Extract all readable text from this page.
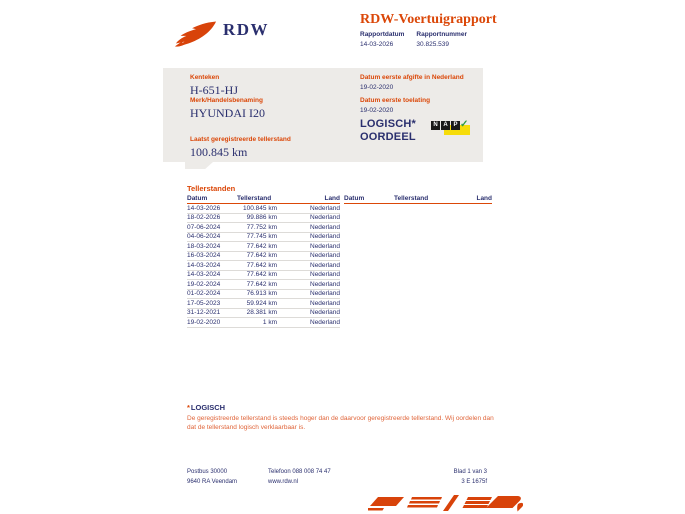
RDW
RDW-Voertuigrapport
Rapportdatum
14-03-2026
Rapportnummer
30.825.539
Kenteken
H-651-HJ
Merk/Handelsbenaming
HYUNDAI I20
Laatst geregistreerde tellerstand
100.845 km
Datum eerste afgifte in Nederland
19-02-2020
Datum eerste toelating
19-02-2020
LOGISCH*
OORDEEL
N A P ✓
Tellerstanden
Datum	Tellerstand	Land
14-03-2026	100.845 km	Nederland
18-02-2026	99.886 km	Nederland
07-06-2024	77.752 km	Nederland
04-06-2024	77.745 km	Nederland
18-03-2024	77.642 km	Nederland
16-03-2024	77.642 km	Nederland
14-03-2024	77.642 km	Nederland
14-03-2024	77.642 km	Nederland
19-02-2024	77.642 km	Nederland
01-02-2024	76.913 km	Nederland
17-05-2023	59.924 km	Nederland
31-12-2021	28.381 km	Nederland
19-02-2020	1 km	Nederland
Datum	Tellerstand	Land
*LOGISCH
De geregistreerde tellerstand is steeds hoger dan de daarvoor geregistreerde tellerstand. Wij oordelen dan dat de tellerstand logisch verklaarbaar is.
Postbus 30000
9640 RA Veendam
Telefoon 088 008 74 47
www.rdw.nl
Blad 1 van 3
3 E 1675f
